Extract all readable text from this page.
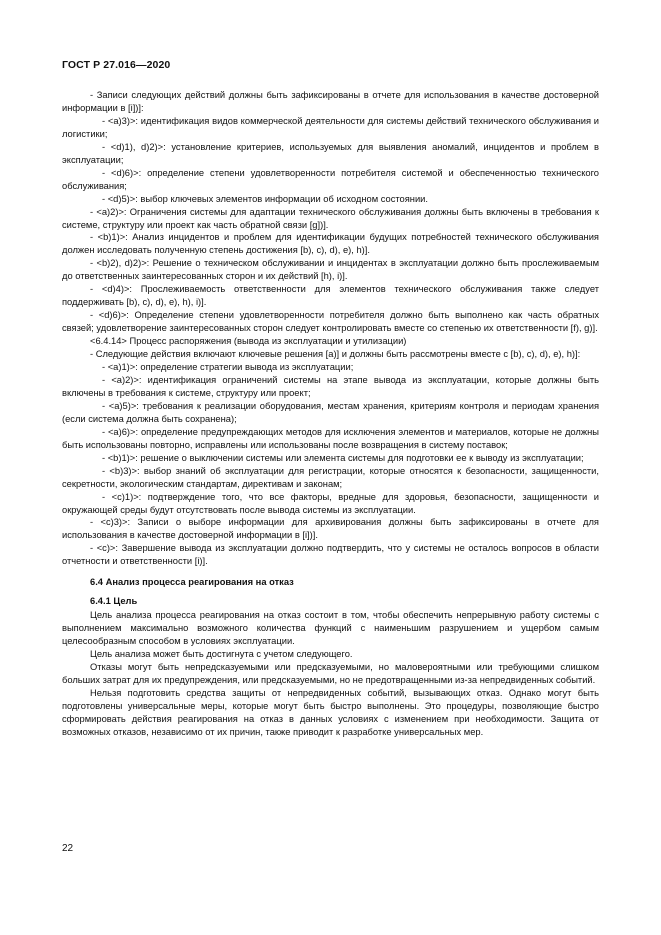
ГОСТ Р 27.016—2020

- Записи следующих действий должны быть зафиксированы в отчете для использования в качестве достоверной информации в [i])]:

- <a)3)>: идентификация видов коммерческой деятельности для системы действий технического обслуживания и логистики;

- <d)1), d)2)>: установление критериев, используемых для выявления аномалий, инцидентов и проблем в эксплуатации;

- <d)6)>: определение степени удовлетворенности потребителя системой и обеспеченностью технического обслуживания;

- <d)5)>: выбор ключевых элементов информации об исходном состоянии.

- <a)2)>: Ограничения системы для адаптации технического обслуживания должны быть включены в требования к системе, структуру или проект как часть обратной связи [g])].

- <b)1)>: Анализ инцидентов и проблем для идентификации будущих потребностей технического обслуживания должен исследовать полученную степень достижения [b), c), d), e), h)].

- <b)2), d)2)>: Решение о техническом обслуживании и инцидентах в эксплуатации должно быть прослеживаемым до ответственных заинтересованных сторон и их действий [h), i)].

- <d)4)>: Прослеживаемость ответственности для элементов технического обслуживания также следует поддерживать [b), c), d), e), h), i)].

- <d)6)>: Определение степени удовлетворенности потребителя должно быть выполнено как часть обратных связей; удовлетворение заинтересованных сторон следует контролировать вместе со степенью их ответственности [f), g)].

<6.4.14> Процесс распоряжения (вывода из эксплуатации и утилизации)

- Следующие действия включают ключевые решения [a)] и должны быть рассмотрены вместе с [b), c), d), e), h)]:

- <a)1)>: определение стратегии вывода из эксплуатации;

- <a)2)>: идентификация ограничений системы на этапе вывода из эксплуатации, которые должны быть включены в требования к системе, структуру или проект;

- <a)5)>: требования к реализации оборудования, местам хранения, критериям контроля и периодам хранения (если система должна быть сохранена);

- <a)6)>: определение предупреждающих методов для исключения элементов и материалов, которые не должны быть использованы повторно, исправлены или использованы после возвращения в систему поставок;

- <b)1)>: решение о выключении системы или элемента системы для подготовки ее к выводу из эксплуатации;

- <b)3)>: выбор знаний об эксплуатации для регистрации, которые относятся к безопасности, защищенности, секретности, экологическим стандартам, директивам и законам;

- <c)1)>: подтверждение того, что все факторы, вредные для здоровья, безопасности, защищенности и окружающей среды будут отсутствовать после вывода системы из эксплуатации.

- <c)3)>: Записи о выборе информации для архивирования должны быть зафиксированы в отчете для использования в качестве достоверной информации в [i])].

- <c)>: Завершение вывода из эксплуатации должно подтвердить, что у системы не осталось вопросов в области отчетности и ответственности [i)].

6.4 Анализ процесса реагирования на отказ

6.4.1 Цель

Цель анализа процесса реагирования на отказ состоит в том, чтобы обеспечить непрерывную работу системы с выполнением максимально возможного количества функций с наименьшим разрушением и ущербом самым целесообразным способом в условиях эксплуатации.

Цель анализа может быть достигнута с учетом следующего.

Отказы могут быть непредсказуемыми или предсказуемыми, но маловероятными или требующими слишком больших затрат для их предупреждения, или предсказуемыми, но не предотвращенными из-за непредвиденных событий.

Нельзя подготовить средства защиты от непредвиденных событий, вызывающих отказ. Однако могут быть подготовлены универсальные меры, которые могут быть быстро выполнены. Это процедуры, позволяющие быстро сформировать действия реагирования на отказ в данных условиях с изменением при необходимости. Защита от возможных отказов, независимо от их причин, также приводит к разработке универсальных мер.

22
